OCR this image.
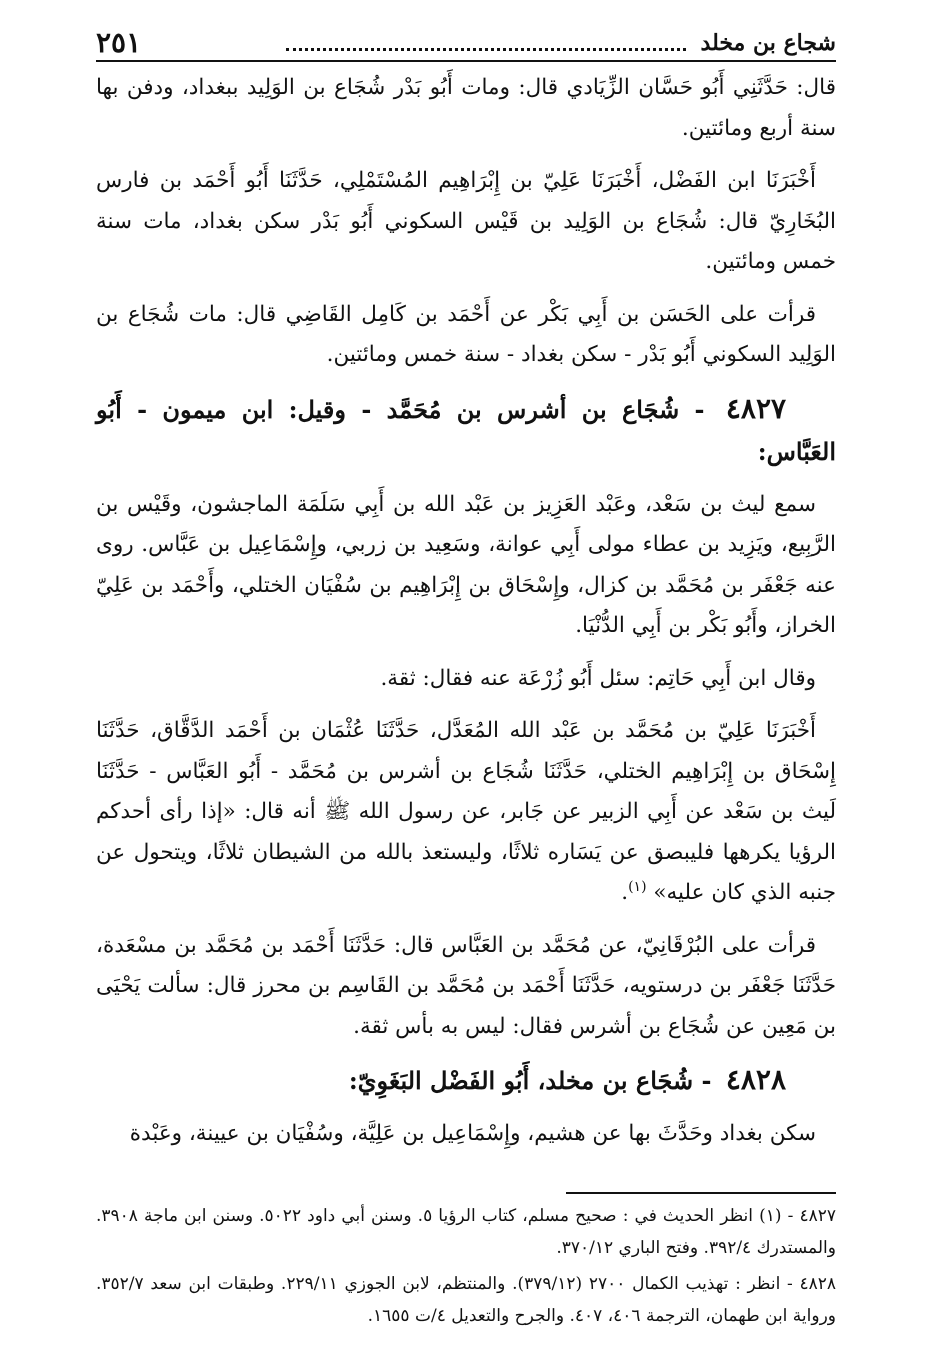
شجاع بن مخلد
٢٥١

قال: حَدَّثَنِي أَبُو حَسَّان الزِّيَادي قال: ومات أَبُو بَدْر شُجَاع بن الوَلِيد ببغداد، ودفن بها سنة أربع ومائتين.

أَخْبَرَنَا ابن الفَضْل، أَخْبَرَنَا عَلِيّ بن إِبْرَاهِيم المُسْتَمْلِي، حَدَّثَنَا أَبُو أَحْمَد بن فارس البُخَارِيّ قال: شُجَاع بن الوَلِيد بن قَيْس السكوني أَبُو بَدْر سكن بغداد، مات سنة خمس ومائتين.

قرأت على الحَسَن بن أَبِي بَكْر عن أَحْمَد بن كَامِل القَاضِي قال: مات شُجَاع بن الوَلِيد السكوني أَبُو بَدْر - سكن بغداد - سنة خمس ومائتين.

٤٨٢٧ - شُجَاع بن أشرس بن مُحَمَّد - وقيل: ابن ميمون - أَبُو العَبَّاس:

سمع ليث بن سَعْد، وعَبْد العَزِيز بن عَبْد الله بن أَبِي سَلَمَة الماجشون، وقَيْس بن الرَّبِيع، ويَزِيد بن عطاء مولى أَبِي عوانة، وسَعِيد بن زربي، وإِسْمَاعِيل بن عَبَّاس. روى عنه جَعْفَر بن مُحَمَّد بن كزال، وإِسْحَاق بن إِبْرَاهِيم بن سُفْيَان الختلي، وأَحْمَد بن عَلِيّ الخراز، وأَبُو بَكْر بن أَبِي الدُّنْيَا.

وقال ابن أَبِي حَاتِم: سئل أَبُو زُرْعَة عنه فقال: ثقة.

أَخْبَرَنَا عَلِيّ بن مُحَمَّد بن عَبْد الله المُعَدَّل، حَدَّثَنَا عُثْمَان بن أَحْمَد الدَّقَّاق، حَدَّثَنَا إِسْحَاق بن إِبْرَاهِيم الختلي، حَدَّثَنَا شُجَاع بن أشرس بن مُحَمَّد - أَبُو العَبَّاس - حَدَّثَنَا لَيث بن سَعْد عن أَبِي الزبير عن جَابر، عن رسول الله ﷺ أنه قال: «إذا رأى أحدكم الرؤيا يكرهها فليبصق عن يَسَاره ثلاثًا، وليستعذ بالله من الشيطان ثلاثًا، ويتحول عن جنبه الذي كان عليه» $^{(١)}$.

قرأت على البُرْقَانِيّ، عن مُحَمَّد بن العَبَّاس قال: حَدَّثَنَا أَحْمَد بن مُحَمَّد بن مسْعَدة، حَدَّثَنَا جَعْفَر بن درستويه، حَدَّثَنَا أَحْمَد بن مُحَمَّد بن القَاسِم بن محرز قال: سألت يَحْيَى بن مَعِين عن شُجَاع بن أشرس فقال: ليس به بأس ثقة.

٤٨٢٨ - شُجَاع بن مخلد، أَبُو الفَضْل البَغَوِيّ:

سكن بغداد وحَدَّثَ بها عن هشيم، وإِسْمَاعِيل بن عَلِيَّة، وسُفْيَان بن عيينة، وعَبْدة

٤٨٢٧ - (١) انظر الحديث في : صحيح مسلم، كتاب الرؤيا ٥. وسنن أبي داود ٥٠٢٢. وسنن ابن ماجة ٣٩٠٨. والمستدرك ٣٩٢/٤. وفتح الباري ٣٧٠/١٢.

٤٨٢٨ - انظر : تهذيب الكمال ٢٧٠٠ (٣٧٩/١٢). والمنتظم، لابن الجوزي ٢٢٩/١١. وطبقات ابن سعد ٣٥٢/٧. ورواية ابن طهمان، الترجمة ٤٠٦، ٤٠٧. والجرح والتعديل ٤/ت ١٦٥٥.
